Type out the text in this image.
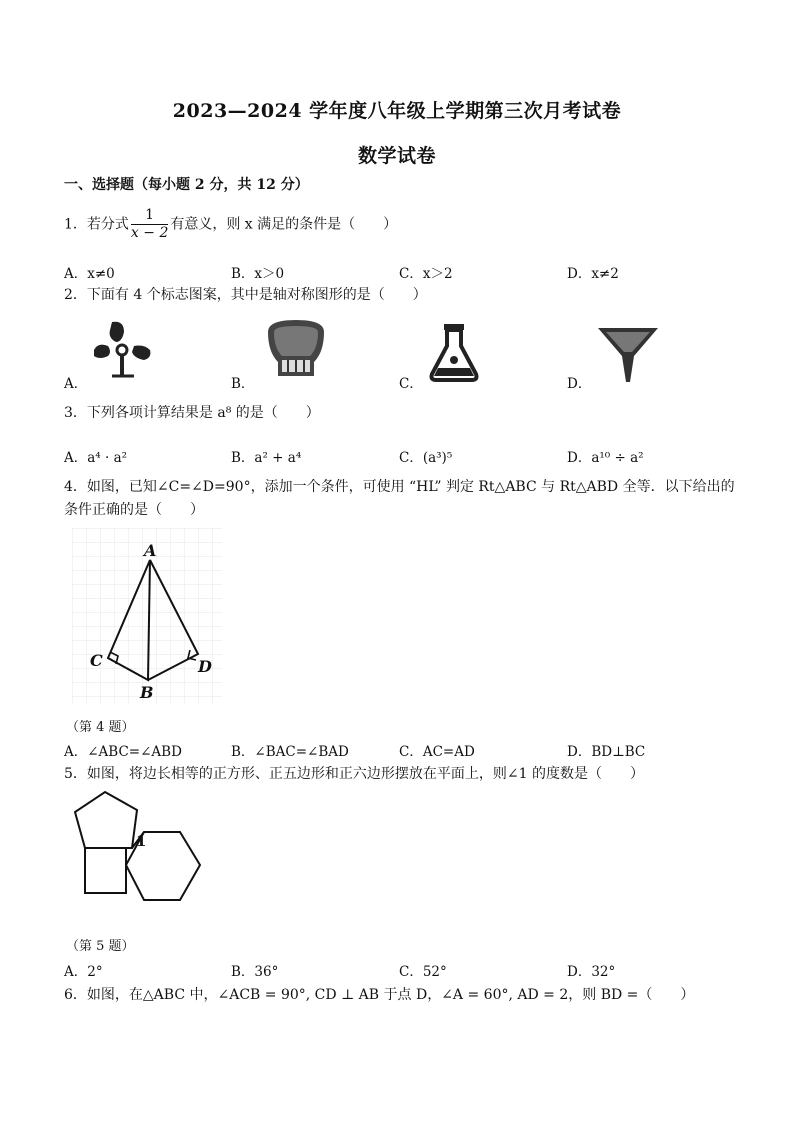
2023—2024 学年度八年级上学期第三次月考试卷
数学试卷
一、选择题（每小题 2 分，共 12 分）
1．若分式 $\frac{1}{x - 2}$ 有意义，则 x 满足的条件是（　　）
A．x≠0	B．x＞0	C．x＞2	D．x≠2
2．下面有 4 个标志图案，其中是轴对称图形的是（　　）
A．	B．	C．	D．
3．下列各项计算结果是 a⁸ 的是（　　）
A．a⁴ · a²	B．a² + a⁴	C．(a³)⁵	D．a¹⁰ ÷ a²
4．如图，已知∠C=∠D=90°，添加一个条件，可使用 “HL” 判定 Rt△ABC 与 Rt△ABD 全等．以下给出的
条件正确的是（　　）
A
B
C	D
（第 4 题）
A．∠ABC=∠ABD	B．∠BAC=∠BAD	C．AC=AD	D．BD⊥BC
5．如图，将边长相等的正方形、正五边形和正六边形摆放在平面上，则∠1 的度数是（　　）
1
（第 5 题）
A．2°	B．36°	C．52°	D．32°
6．如图，在△ABC 中，∠ACB = 90°, CD ⊥ AB 于点 D，∠A = 60°, AD = 2，则 BD =（　　）
